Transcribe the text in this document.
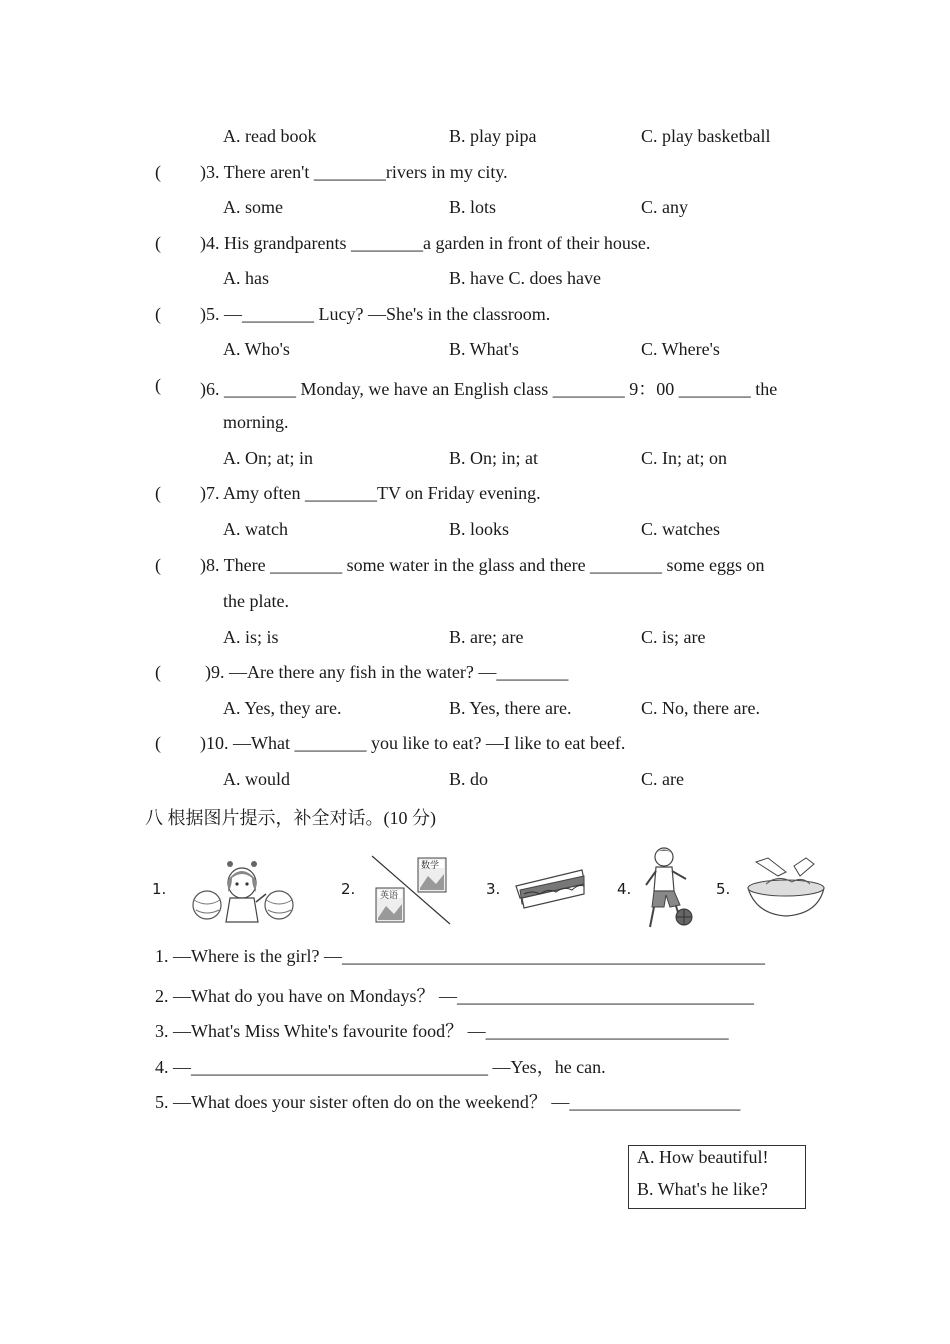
A. read book	B. play pipa	C. play basketball
( )3. There aren't ________rivers in my city.
A. some	B. lots	C. any
( )4. His grandparents ________a garden in front of their house.
A. has	B. have C. does have
( )5. —________ Lucy? —She's in the classroom.
A. Who's	B. What's	C. Where's
( )6. ________ Monday, we have an English class ________ 9：00 ________ the
morning.
A. On; at; in	B. On; in; at	C. In; at; on
( )7. Amy often ________TV on Friday evening.
A. watch	B. looks	C. watches
( )8. There ________ some water in the glass and there ________ some eggs on
the plate.
A. is; is	B. are; are	C. is; are
( )9. —Are there any fish in the water? —________
A. Yes, they are.	B. Yes, there are.	C. No, there are.
( )10. —What ________ you like to eat? —I like to eat beef.
A. would	B. do	C. are
八 根据图片提示，补全对话。(10 分)
1.	2.	3.	4.	5.
数学
英语
1. —Where is the girl? —_______________________________________________
2. —What do you have on Mondays？ —_________________________________
3. —What's Miss White's favourite food？ —___________________________
4. —_________________________________ —Yes，he can.
5. —What does your sister often do on the weekend？ —___________________
A. How beautiful!
B. What's he like?
